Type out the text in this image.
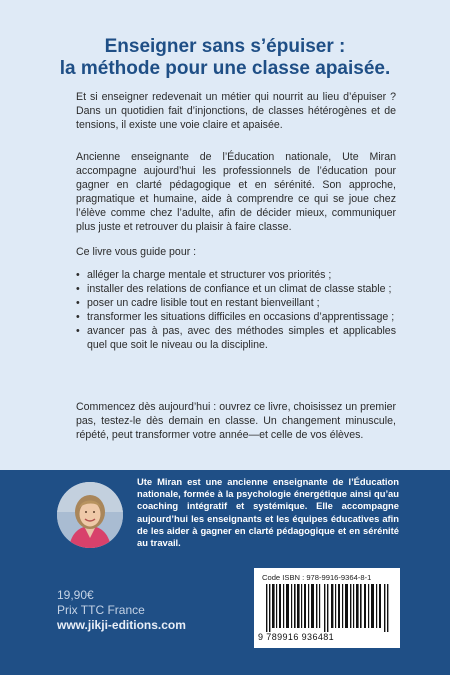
Enseigner sans s’épuiser :
la méthode pour une classe apaisée.

Et si enseigner redevenait un métier qui nourrit au lieu d’épuiser ? Dans un quotidien fait d’injonctions, de classes hétérogènes et de tensions, il existe une voie claire et apaisée.

Ancienne enseignante de l’Éducation nationale, Ute Miran accompagne aujourd’hui les professionnels de l’éducation pour gagner en clarté pédagogique et en sérénité. Son approche, pragmatique et humaine, aide à comprendre ce qui se joue chez l’élève comme chez l’adulte, afin de décider mieux, communiquer plus juste et retrouver du plaisir à faire classe.

Ce livre vous guide pour :

• alléger la charge mentale et structurer vos priorités ;
• installer des relations de confiance et un climat de classe stable ;
• poser un cadre lisible tout en restant bienveillant ;
• transformer les situations difficiles en occasions d’apprentissage ;
• avancer pas à pas, avec des méthodes simples et applicables quel que soit le niveau ou la discipline.

Commencez dès aujourd’hui : ouvrez ce livre, choisissez un premier pas, testez-le dès demain en classe. Un changement minuscule, répété, peut transformer votre année—et celle de vos élèves.

Ute Miran est une ancienne enseignante de l’Éducation nationale, formée à la psychologie énergétique ainsi qu’au coaching intégratif et systémique. Elle accompagne aujourd’hui les enseignants et les équipes éducatives afin de les aider à gagner en clarté pédagogique et en sérénité au travail.

19,90€
Prix TTC France
www.jikji-editions.com
Code ISBN : 978-9916-9364-8-1
9 789916 936481
